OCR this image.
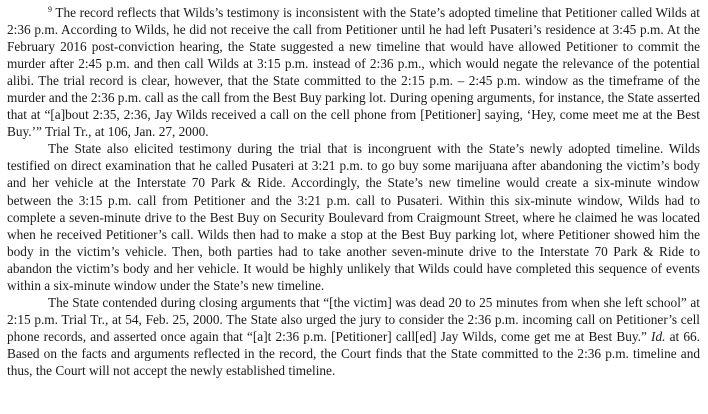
$^9$ The record reflects that Wilds’s testimony is inconsistent with the State’s adopted timeline that Petitioner called Wilds at 2:36 p.m. According to Wilds, he did not receive the call from Petitioner until he had left Pusateri’s residence at 3:45 p.m. At the February 2016 post-conviction hearing, the State suggested a new timeline that would have allowed Petitioner to commit the murder after 2:45 p.m. and then call Wilds at 3:15 p.m. instead of 2:36 p.m., which would negate the relevance of the potential alibi. The trial record is clear, however, that the State committed to the 2:15 p.m. – 2:45 p.m. window as the timeframe of the murder and the 2:36 p.m. call as the call from the Best Buy parking lot. During opening arguments, for instance, the State asserted that at “[a]bout 2:35, 2:36, Jay Wilds received a call on the cell phone from [Petitioner] saying, ‘Hey, come meet me at the Best Buy.’” Trial Tr., at 106, Jan. 27, 2000.

The State also elicited testimony during the trial that is incongruent with the State’s newly adopted timeline. Wilds testified on direct examination that he called Pusateri at 3:21 p.m. to go buy some marijuana after abandoning the victim’s body and her vehicle at the Interstate 70 Park & Ride. Accordingly, the State’s new timeline would create a six-minute window between the 3:15 p.m. call from Petitioner and the 3:21 p.m. call to Pusateri. Within this six-minute window, Wilds had to complete a seven-minute drive to the Best Buy on Security Boulevard from Craigmount Street, where he claimed he was located when he received Petitioner’s call. Wilds then had to make a stop at the Best Buy parking lot, where Petitioner showed him the body in the victim’s vehicle. Then, both parties had to take another seven-minute drive to the Interstate 70 Park & Ride to abandon the victim’s body and her vehicle. It would be highly unlikely that Wilds could have completed this sequence of events within a six-minute window under the State’s new timeline.

The State contended during closing arguments that “[the victim] was dead 20 to 25 minutes from when she left school” at 2:15 p.m. Trial Tr., at 54, Feb. 25, 2000. The State also urged the jury to consider the 2:36 p.m. incoming call on Petitioner’s cell phone records, and asserted once again that “[a]t 2:36 p.m. [Petitioner] call[ed] Jay Wilds, come get me at Best Buy.” Id. at 66. Based on the facts and arguments reflected in the record, the Court finds that the State committed to the 2:36 p.m. timeline and thus, the Court will not accept the newly established timeline.
